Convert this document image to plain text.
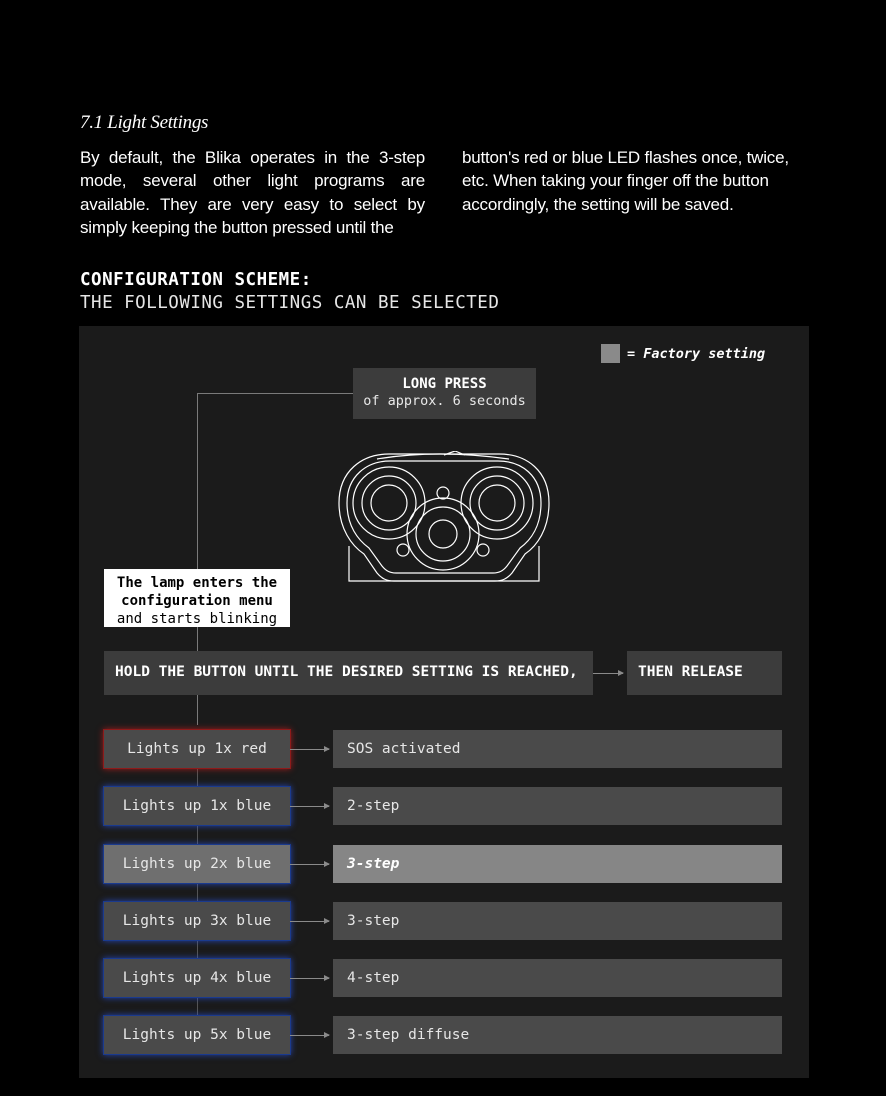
7.1 Light Settings
By default, the Blika operates in the 3-step mode, several other light programs are available. They are very easy to select by simply keeping the button pressed until the
button's red or blue LED flashes once, twice, etc. When taking your finger off the button accordingly, the setting will be saved.
CONFIGURATION SCHEME:
THE FOLLOWING SETTINGS CAN BE SELECTED
= Factory setting
LONG PRESS
of approx. 6 seconds
The lamp enters the
configuration menu
and starts blinking
HOLD THE BUTTON UNTIL THE DESIRED SETTING IS REACHED,	THEN RELEASE
Lights up 1x red	SOS activated
Lights up 1x blue	2-step
Lights up 2x blue	3-step
Lights up 3x blue	3-step
Lights up 4x blue	4-step
Lights up 5x blue	3-step diffuse
